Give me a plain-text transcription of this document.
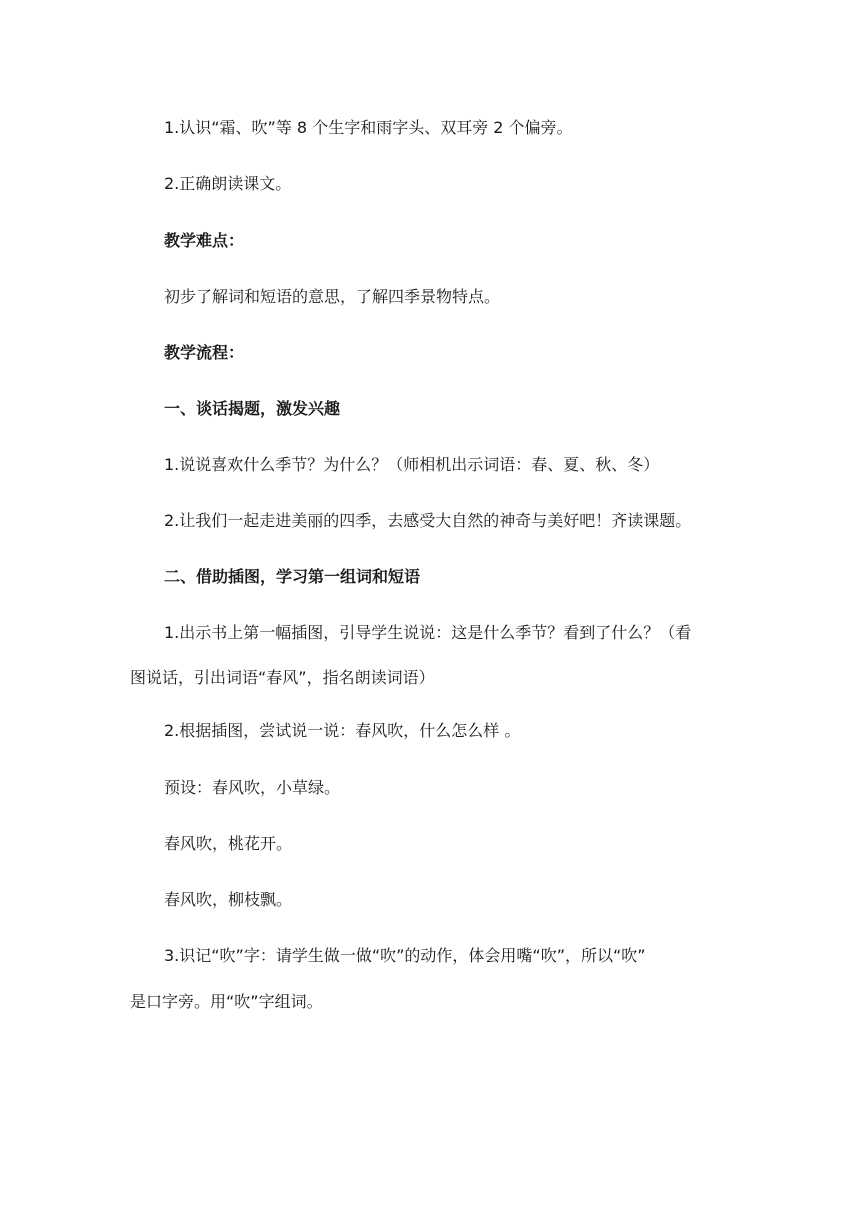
1.认识“霜、吹”等 8 个生字和雨字头、双耳旁 2 个偏旁。
2.正确朗读课文。
教学难点：
初步了解词和短语的意思，了解四季景物特点。
教学流程：
一、谈话揭题，激发兴趣
1.说说喜欢什么季节？为什么？（师相机出示词语：春、夏、秋、冬）
2.让我们一起走进美丽的四季，去感受大自然的神奇与美好吧！齐读课题。
二、借助插图，学习第一组词和短语
1.出示书上第一幅插图，引导学生说说：这是什么季节？看到了什么？（看
图说话，引出词语“春风”，指名朗读词语）
2.根据插图，尝试说一说：春风吹，什么怎么样 。
预设：春风吹，小草绿。
春风吹，桃花开。
春风吹，柳枝飘。
3.识记“吹”字：请学生做一做“吹”的动作，体会用嘴“吹”，所以“吹”
是口字旁。用“吹”字组词。
